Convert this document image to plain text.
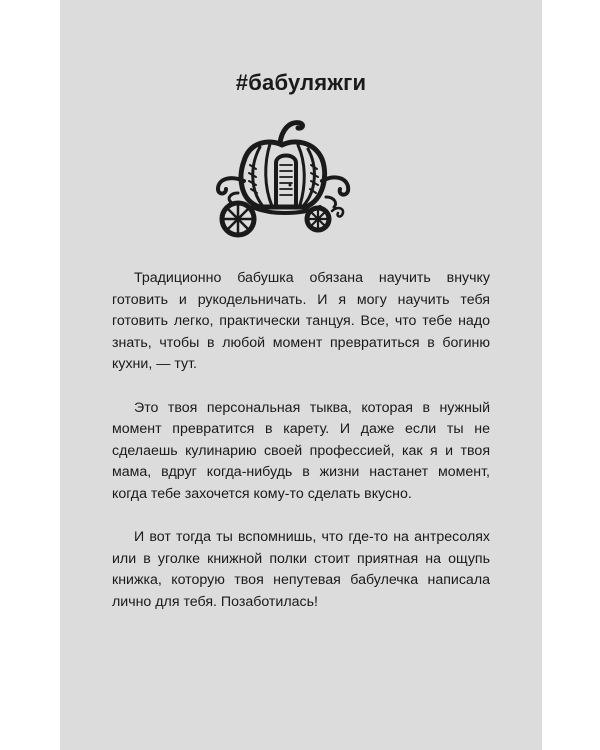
#бабуляжги

Традиционно бабушка обязана научить внучку готовить и рукодельничать. И я могу научить тебя готовить легко, практически танцуя. Все, что тебе надо знать, чтобы в любой момент превратиться в богиню кухни, — тут.

Это твоя персональная тыква, которая в нужный момент превратится в карету. И даже если ты не сделаешь кулинарию своей профессией, как я и твоя мама, вдруг когда-нибудь в жизни настанет момент, когда тебе захочется кому-то сделать вкусно.

И вот тогда ты вспомнишь, что где-то на антресолях или в уголке книжной полки стоит приятная на ощупь книжка, которую твоя непутевая бабулечка написала лично для тебя. Позаботилась!
